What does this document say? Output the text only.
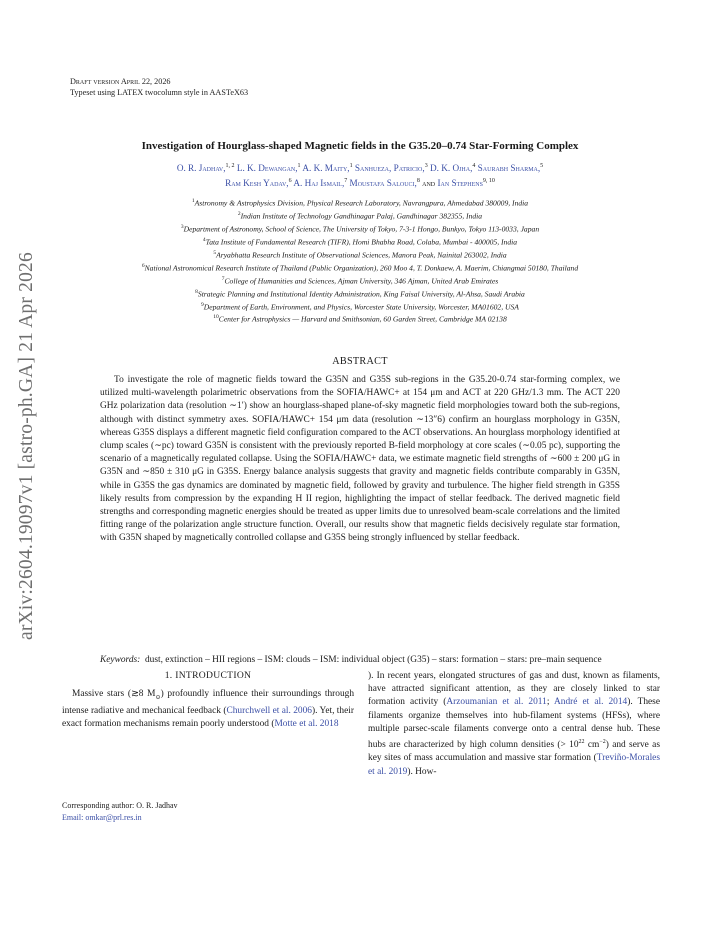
arXiv:2604.19097v1 [astro-ph.GA] 21 Apr 2026
Draft version April 22, 2026
Typeset using LATEX twocolumn style in AASTeX63
Investigation of Hourglass-shaped Magnetic fields in the G35.20–0.74 Star-Forming Complex
O. R. Jadhav,$^{1, 2}$ L. K. Dewangan,$^1$ A. K. Maity,$^1$ Sanhueza, Patricio,$^3$ D. K. Ojha,$^4$ Saurabh Sharma,$^5$
Ram Kesh Yadav,$^6$ A. Haj Ismail,$^7$ Moustafa Salouci,$^8$ and Ian Stephens$^{9, 10}$
$^1$Astronomy & Astrophysics Division, Physical Research Laboratory, Navrangpura, Ahmedabad 380009, India
$^2$Indian Institute of Technology Gandhinagar Palaj, Gandhinagar 382355, India
$^3$Department of Astronomy, School of Science, The University of Tokyo, 7-3-1 Hongo, Bunkyo, Tokyo 113-0033, Japan
$^4$Tata Institute of Fundamental Research (TIFR), Homi Bhabha Road, Colaba, Mumbai - 400005, India
$^5$Aryabhatta Research Institute of Observational Sciences, Manora Peak, Nainital 263002, India
$^6$National Astronomical Research Institute of Thailand (Public Organization), 260 Moo 4, T. Donkaew, A. Maerim, Chiangmai 50180, Thailand
$^7$College of Humanities and Sciences, Ajman University, 346 Ajman, United Arab Emirates
$^8$Strategic Planning and Institutional Identity Administration, King Faisal University, Al-Ahsa, Saudi Arabia
$^9$Department of Earth, Environment, and Physics, Worcester State University, Worcester, MA01602, USA
$^{10}$Center for Astrophysics — Harvard and Smithsonian, 60 Garden Street, Cambridge MA 02138
ABSTRACT
To investigate the role of magnetic fields toward the G35N and G35S sub-regions in the G35.20-0.74 star-forming complex, we utilized multi-wavelength polarimetric observations from the SOFIA/HAWC+ at 154 μm and ACT at 220 GHz/1.3 mm. The ACT 220 GHz polarization data (resolution ∼1′) show an hourglass-shaped plane-of-sky magnetic field morphologies toward both the sub-regions, although with distinct symmetry axes. SOFIA/HAWC+ 154 μm data (resolution ∼13″6) confirm an hourglass morphology in G35N, whereas G35S displays a different magnetic field configuration compared to the ACT observations. An hourglass morphology identified at clump scales (∼pc) toward G35N is consistent with the previously reported B-field morphology at core scales (∼0.05 pc), supporting the scenario of a magnetically regulated collapse. Using the SOFIA/HAWC+ data, we estimate magnetic field strengths of ∼600 ± 200 μG in G35N and ∼850 ± 310 μG in G35S. Energy balance analysis suggests that gravity and magnetic fields contribute comparably in G35N, while in G35S the gas dynamics are dominated by magnetic field, followed by gravity and turbulence. The higher field strength in G35S likely results from compression by the expanding H II region, highlighting the impact of stellar feedback. The derived magnetic field strengths and corresponding magnetic energies should be treated as upper limits due to unresolved beam-scale correlations and the limited fitting range of the polarization angle structure function. Overall, our results show that magnetic fields decisively regulate star formation, with G35N shaped by magnetically controlled collapse and G35S being strongly influenced by stellar feedback.
Keywords: dust, extinction – HII regions – ISM: clouds – ISM: individual object (G35) – stars: formation – stars: pre–main sequence
1. INTRODUCTION
Massive stars (≳8 $M_⊙$) profoundly influence their surroundings through intense radiative and mechanical feedback (Churchwell et al. 2006). Yet, their exact formation mechanisms remain poorly understood (Motte et al. 2018
). In recent years, elongated structures of gas and dust, known as filaments, have attracted significant attention, as they are closely linked to star formation activity (Arzoumanian et al. 2011; André et al. 2014). These filaments organize themselves into hub-filament systems (HFSs), where multiple parsec-scale filaments converge onto a central dense hub. These hubs are characterized by high column densities (> $10^{22}$ $cm^{-2}$) and serve as key sites of mass accumulation and massive star formation (Treviño-Morales et al. 2019). How-
Corresponding author: O. R. Jadhav
Email: omkar@prl.res.in
